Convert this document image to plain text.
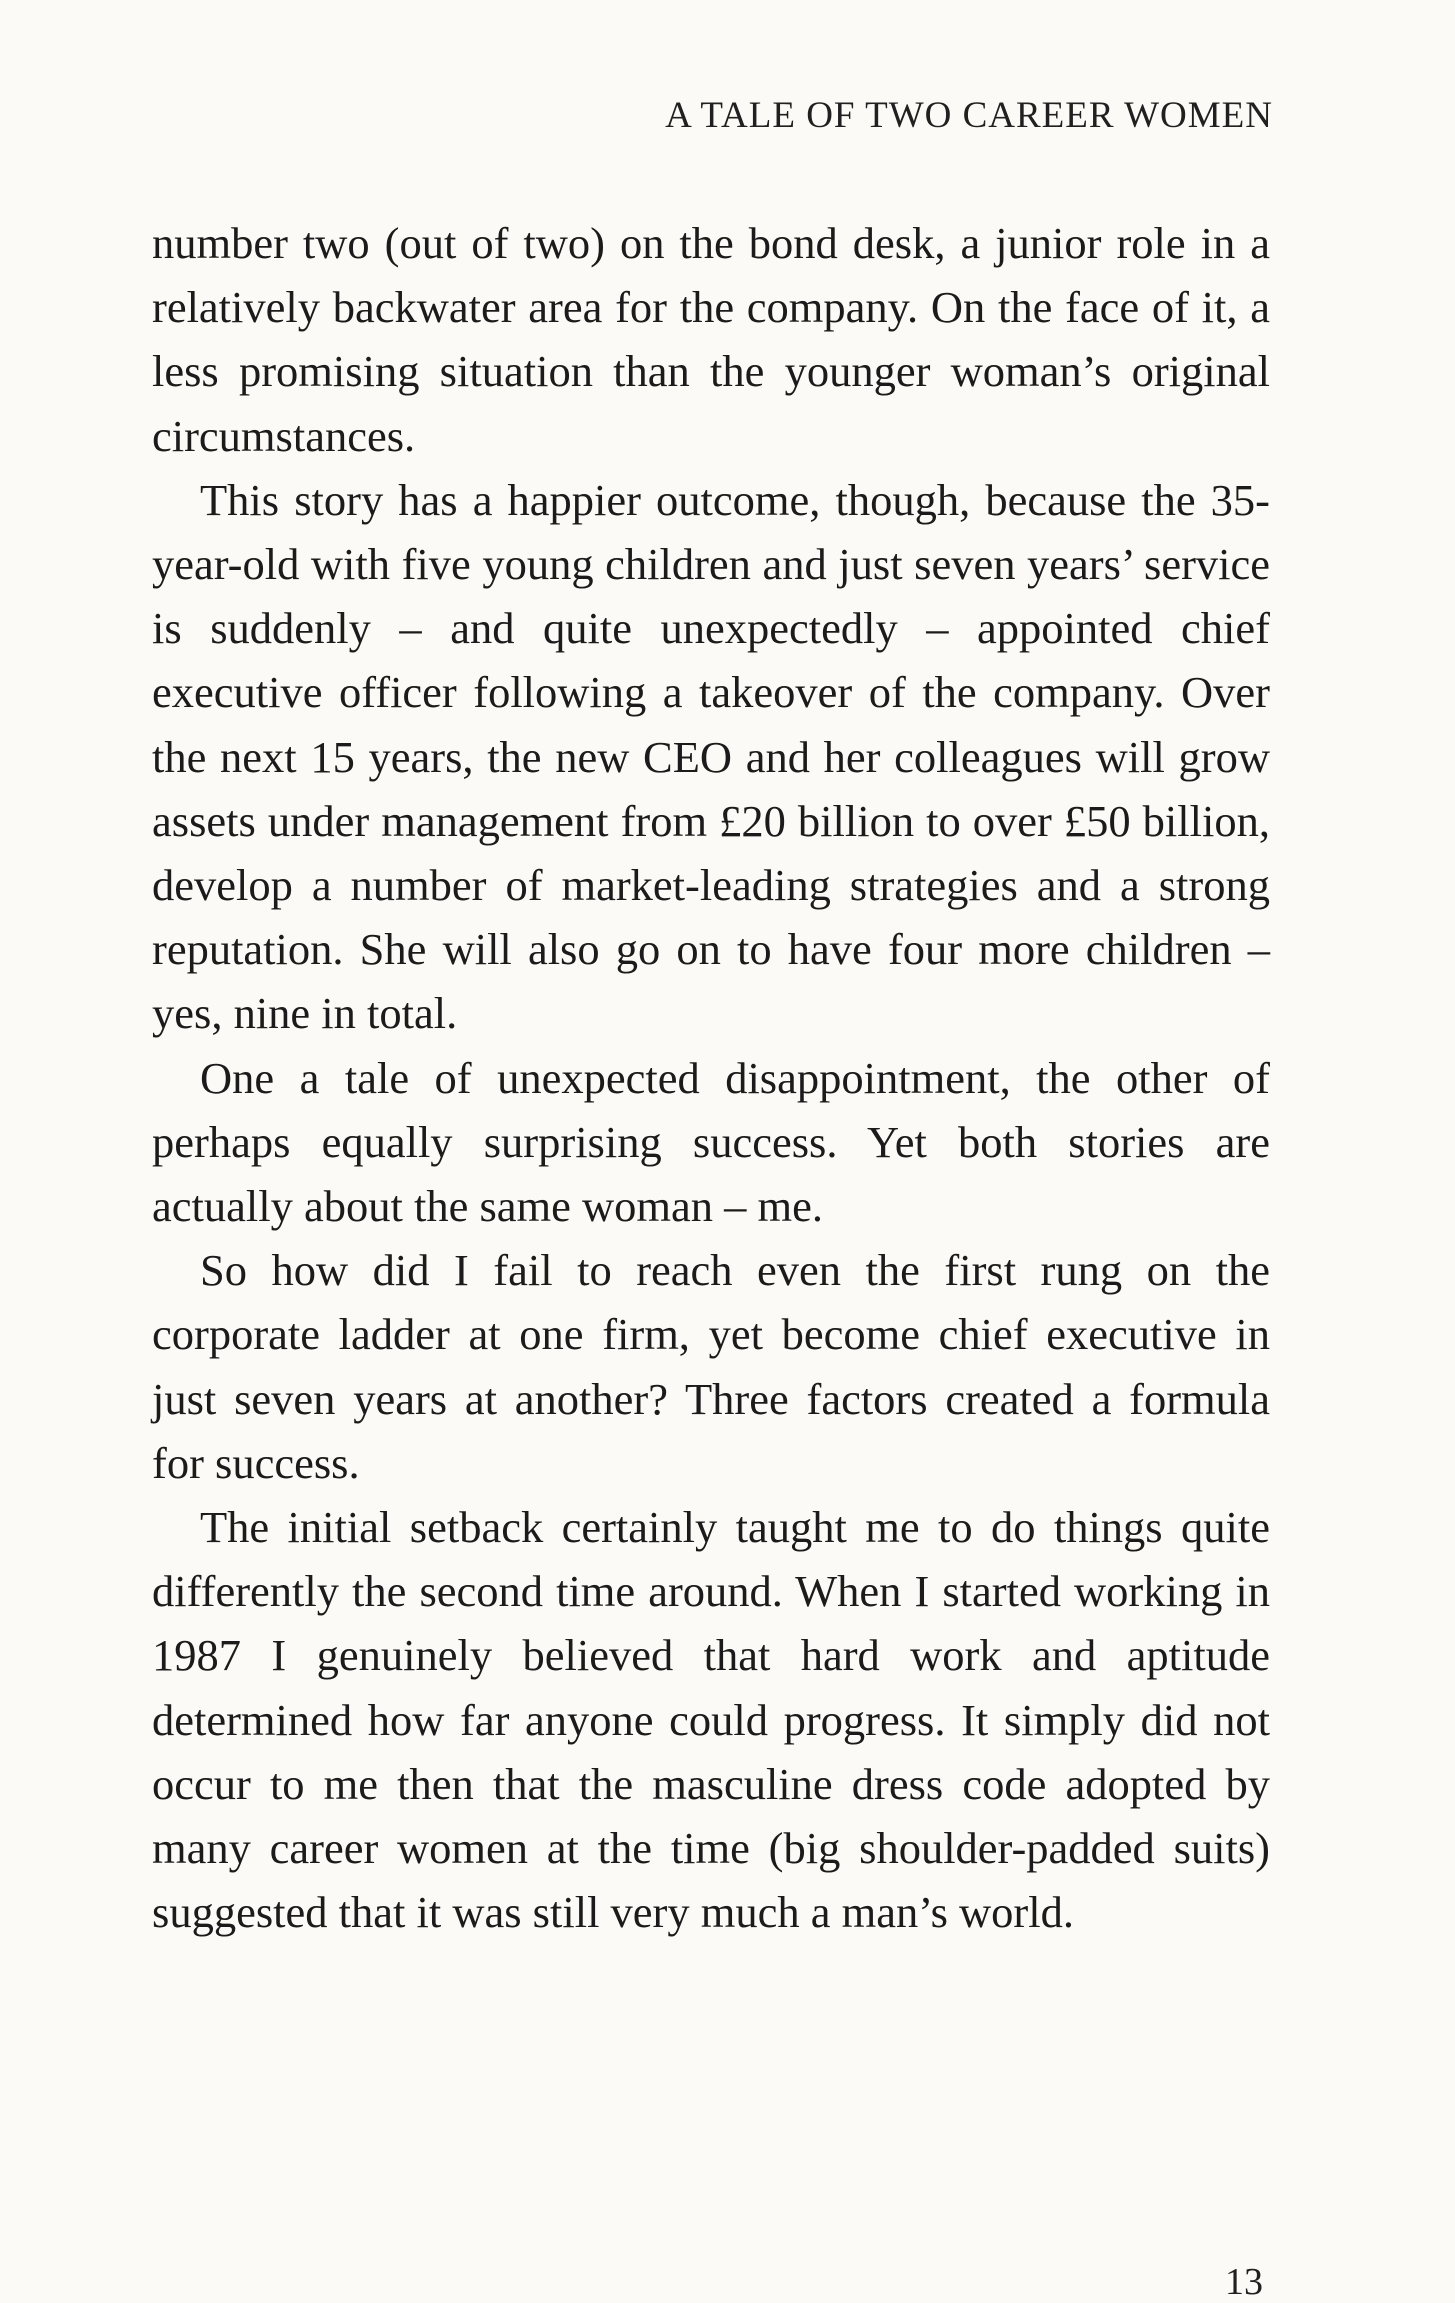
A TALE OF TWO CAREER WOMEN

number two (out of two) on the bond desk, a junior role in a relatively backwater area for the company. On the face of it, a less promising situation than the younger woman’s original circumstances.

This story has a happier outcome, though, because the 35-year-old with five young children and just seven years’ service is suddenly – and quite unexpectedly – appointed chief executive officer following a takeover of the company. Over the next 15 years, the new CEO and her colleagues will grow assets under management from £20 billion to over £50 billion, develop a number of market-leading strategies and a strong reputation. She will also go on to have four more children – yes, nine in total.

One a tale of unexpected disappointment, the other of perhaps equally surprising success. Yet both stories are actually about the same woman – me.

So how did I fail to reach even the first rung on the corporate ladder at one firm, yet become chief executive in just seven years at another? Three factors created a formula for success.

The initial setback certainly taught me to do things quite differently the second time around. When I started working in 1987 I genuinely believed that hard work and aptitude determined how far anyone could progress. It simply did not occur to me then that the masculine dress code adopted by many career women at the time (big shoulder-padded suits) suggested that it was still very much a man’s world.

13
